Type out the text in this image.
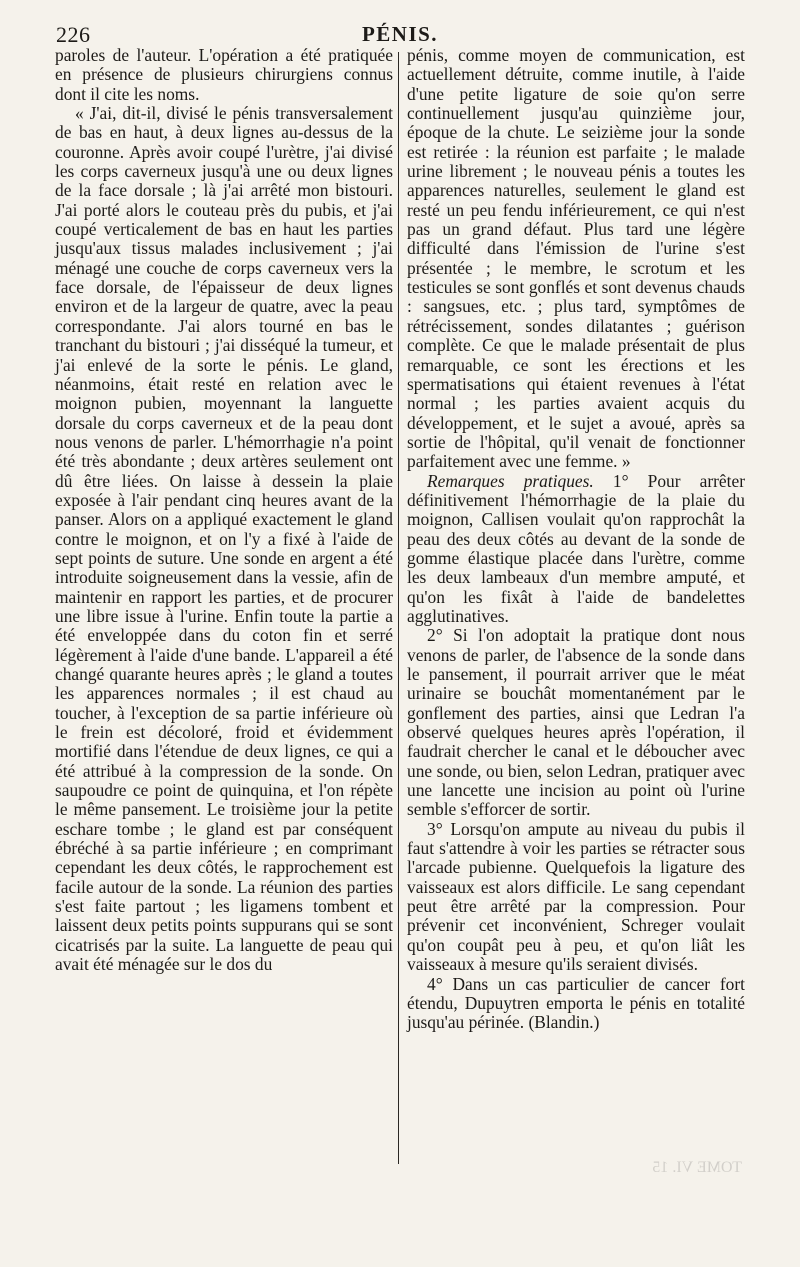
226	PÉNIS.

paroles de l'auteur. L'opération a été pratiquée en présence de plusieurs chirurgiens connus dont il cite les noms.

« J'ai, dit-il, divisé le pénis transversalement de bas en haut, à deux lignes au-dessus de la couronne. Après avoir coupé l'urètre, j'ai divisé les corps caverneux jusqu'à une ou deux lignes de la face dorsale ; là j'ai arrêté mon bistouri. J'ai porté alors le couteau près du pubis, et j'ai coupé verticalement de bas en haut les parties jusqu'aux tissus malades inclusivement ; j'ai ménagé une couche de corps caverneux vers la face dorsale, de l'épaisseur de deux lignes environ et de la largeur de quatre, avec la peau correspondante. J'ai alors tourné en bas le tranchant du bistouri ; j'ai disséqué la tumeur, et j'ai enlevé de la sorte le pénis. Le gland, néanmoins, était resté en relation avec le moignon pubien, moyennant la languette dorsale du corps caverneux et de la peau dont nous venons de parler. L'hémorrhagie n'a point été très abondante ; deux artères seulement ont dû être liées. On laisse à dessein la plaie exposée à l'air pendant cinq heures avant de la panser. Alors on a appliqué exactement le gland contre le moignon, et on l'y a fixé à l'aide de sept points de suture. Une sonde en argent a été introduite soigneusement dans la vessie, afin de maintenir en rapport les parties, et de procurer une libre issue à l'urine. Enfin toute la partie a été enveloppée dans du coton fin et serré légèrement à l'aide d'une bande. L'appareil a été changé quarante heures après ; le gland a toutes les apparences normales ; il est chaud au toucher, à l'exception de sa partie inférieure où le frein est décoloré, froid et évidemment mortifié dans l'étendue de deux lignes, ce qui a été attribué à la compression de la sonde. On saupoudre ce point de quinquina, et l'on répète le même pansement. Le troisième jour la petite eschare tombe ; le gland est par conséquent ébréché à sa partie inférieure ; en comprimant cependant les deux côtés, le rapprochement est facile autour de la sonde. La réunion des parties s'est faite partout ; les ligamens tombent et laissent deux petits points suppurans qui se sont cicatrisés par la suite. La languette de peau qui avait été ménagée sur le dos du

pénis, comme moyen de communication, est actuellement détruite, comme inutile, à l'aide d'une petite ligature de soie qu'on serre continuellement jusqu'au quinzième jour, époque de la chute. Le seizième jour la sonde est retirée : la réunion est parfaite ; le malade urine librement ; le nouveau pénis a toutes les apparences naturelles, seulement le gland est resté un peu fendu inférieurement, ce qui n'est pas un grand défaut. Plus tard une légère difficulté dans l'émission de l'urine s'est présentée ; le membre, le scrotum et les testicules se sont gonflés et sont devenus chauds : sangsues, etc. ; plus tard, symptômes de rétrécissement, sondes dilatantes ; guérison complète. Ce que le malade présentait de plus remarquable, ce sont les érections et les spermatisations qui étaient revenues à l'état normal ; les parties avaient acquis du développement, et le sujet a avoué, après sa sortie de l'hôpital, qu'il venait de fonctionner parfaitement avec une femme. »

Remarques pratiques. 1° Pour arrêter définitivement l'hémorrhagie de la plaie du moignon, Callisen voulait qu'on rapprochât la peau des deux côtés au devant de la sonde de gomme élastique placée dans l'urètre, comme les deux lambeaux d'un membre amputé, et qu'on les fixât à l'aide de bandelettes agglutinatives.

2° Si l'on adoptait la pratique dont nous venons de parler, de l'absence de la sonde dans le pansement, il pourrait arriver que le méat urinaire se bouchât momentanément par le gonflement des parties, ainsi que Ledran l'a observé quelques heures après l'opération, il faudrait chercher le canal et le déboucher avec une sonde, ou bien, selon Ledran, pratiquer avec une lancette une incision au point où l'urine semble s'efforcer de sortir.

3° Lorsqu'on ampute au niveau du pubis il faut s'attendre à voir les parties se rétracter sous l'arcade pubienne. Quelquefois la ligature des vaisseaux est alors difficile. Le sang cependant peut être arrêté par la compression. Pour prévenir cet inconvénient, Schreger voulait qu'on coupât peu à peu, et qu'on liât les vaisseaux à mesure qu'ils seraient divisés.

4° Dans un cas particulier de cancer fort étendu, Dupuytren emporta le pénis en totalité jusqu'au périnée. (Blandin.)

TOME VI. 15
